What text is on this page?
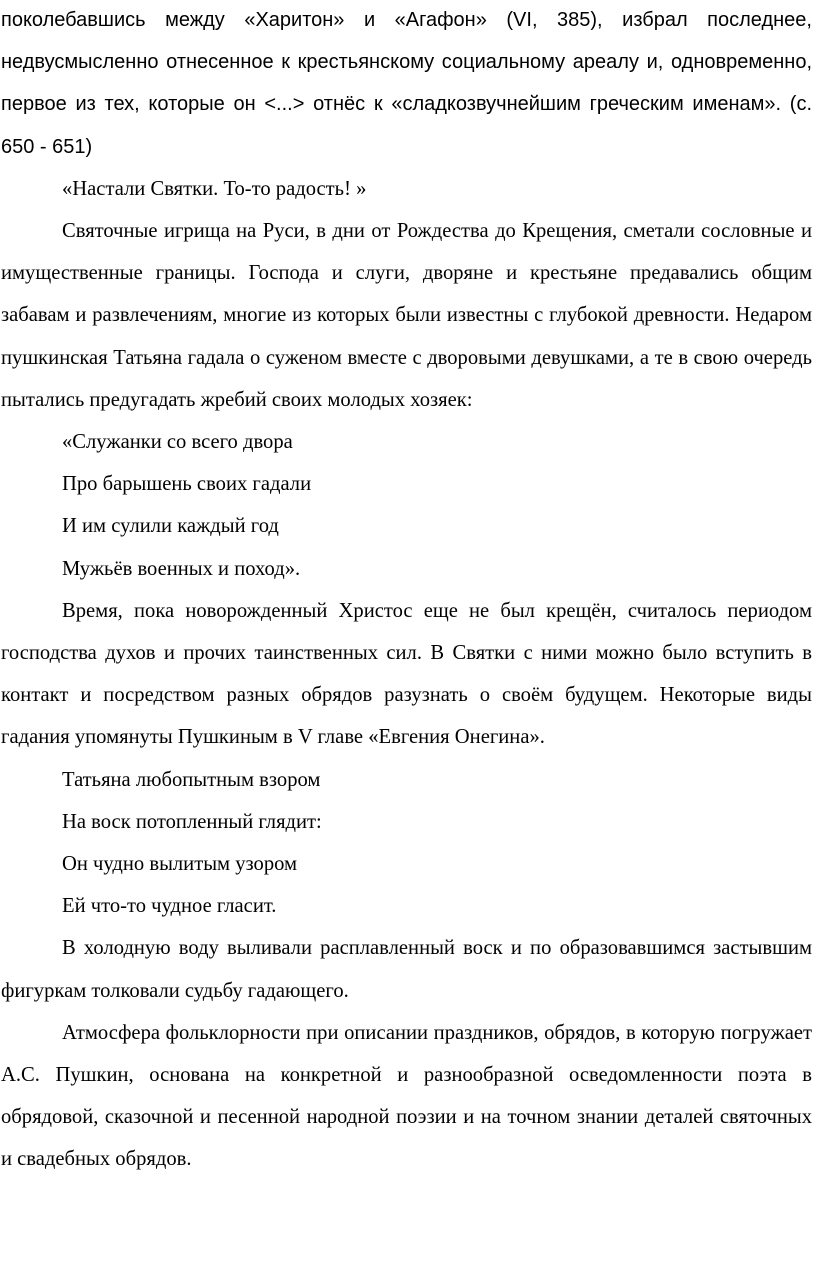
поколебавшись между «Харитон» и «Агафон» (VI, 385), избрал последнее, недвусмысленно отнесенное к крестьянскому социальному ареалу и, одновременно, первое из тех, которые он <...> отнёс к «сладкозвучнейшим греческим именам». (с. 650 - 651)

«Настали Святки. То-то радость! »

Святочные игрища на Руси, в дни от Рождества до Крещения, сметали сословные и имущественные границы. Господа и слуги, дворяне и крестьяне предавались общим забавам и развлечениям, многие из которых были известны с глубокой древности. Недаром пушкинская Татьяна гадала о суженом вместе с дворовыми девушками, а те в свою очередь пытались предугадать жребий своих молодых хозяек:

«Служанки со всего двора

Про барышень своих гадали

И им сулили каждый год

Мужьёв военных и поход».

Время, пока новорожденный Христос еще не был крещён, считалось периодом господства духов и прочих таинственных сил. В Святки с ними можно было вступить в контакт и посредством разных обрядов разузнать о своём будущем. Некоторые виды гадания упомянуты Пушкиным в V главе «Евгения Онегина».

Татьяна любопытным взором

На воск потопленный глядит:

Он чудно вылитым узором

Ей что-то чудное гласит.

В холодную воду выливали расплавленный воск и по образовавшимся застывшим фигуркам толковали судьбу гадающего.

Атмосфера фольклорности при описании праздников, обрядов, в которую погружает А.С. Пушкин, основана на конкретной и разнообразной осведомленности поэта в обрядовой, сказочной и песенной народной поэзии и на точном знании деталей святочных и свадебных обрядов.
